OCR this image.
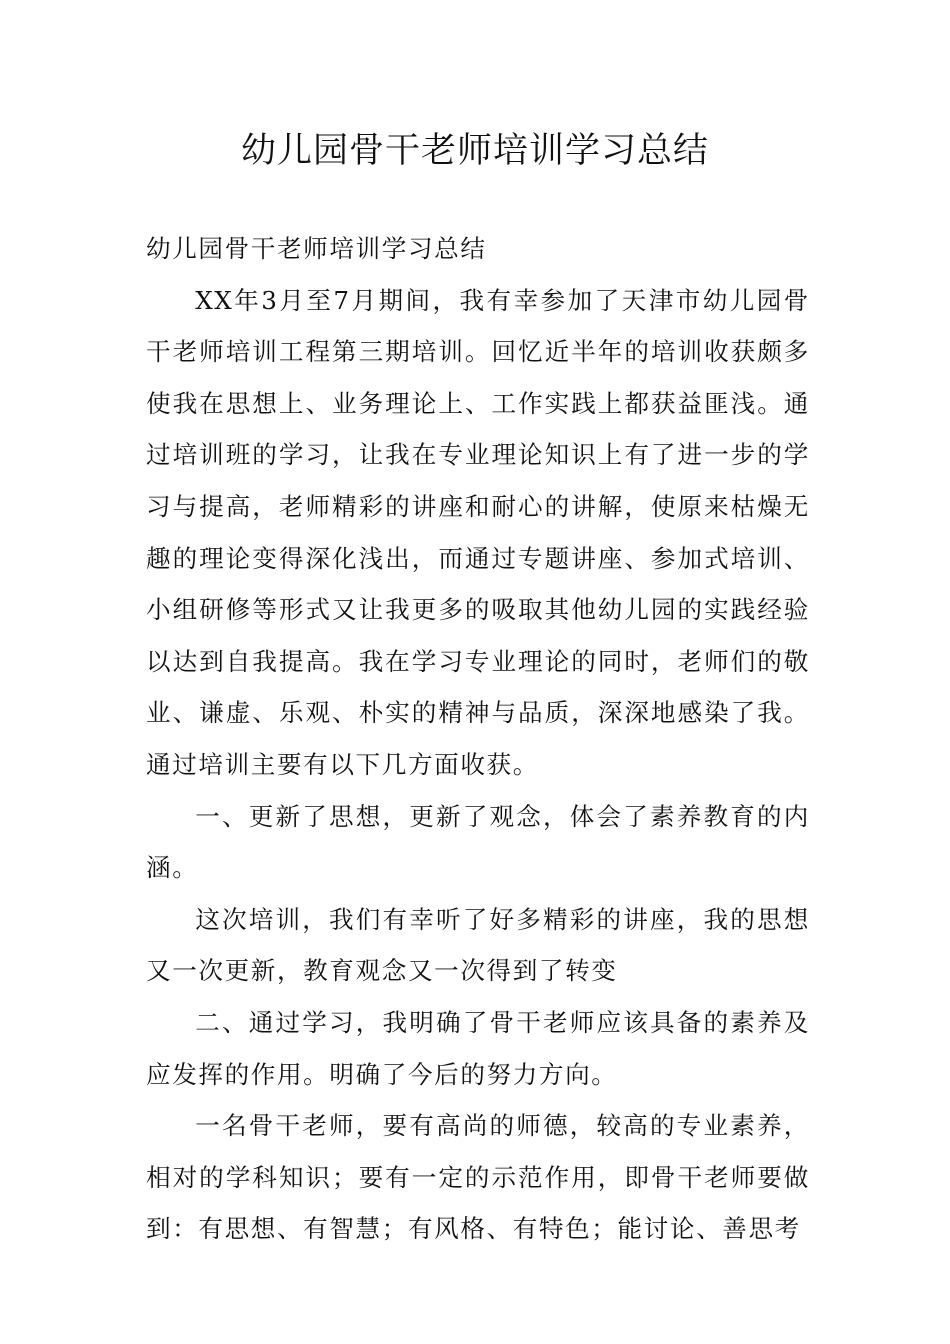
幼儿园骨干老师培训学习总结

幼儿园骨干老师培训学习总结

XX年3月至7月期间，我有幸参加了天津市幼儿园骨干老师培训工程第三期培训。回忆近半年的培训收获颇多使我在思想上、业务理论上、工作实践上都获益匪浅。通过培训班的学习，让我在专业理论知识上有了进一步的学习与提高，老师精彩的讲座和耐心的讲解，使原来枯燥无趣的理论变得深化浅出，而通过专题讲座、参加式培训、小组研修等形式又让我更多的吸取其他幼儿园的实践经验以达到自我提高。我在学习专业理论的同时，老师们的敬业、谦虚、乐观、朴实的精神与品质，深深地感染了我。通过培训主要有以下几方面收获。

一、更新了思想，更新了观念，体会了素养教育的内涵。

这次培训，我们有幸听了好多精彩的讲座，我的思想又一次更新，教育观念又一次得到了转变

二、通过学习，我明确了骨干老师应该具备的素养及应发挥的作用。明确了今后的努力方向。

一名骨干老师，要有高尚的师德，较高的专业素养，相对的学科知识；要有一定的示范作用，即骨干老师要做到：有思想、有智慧；有风格、有特色；能讨论、善思考
